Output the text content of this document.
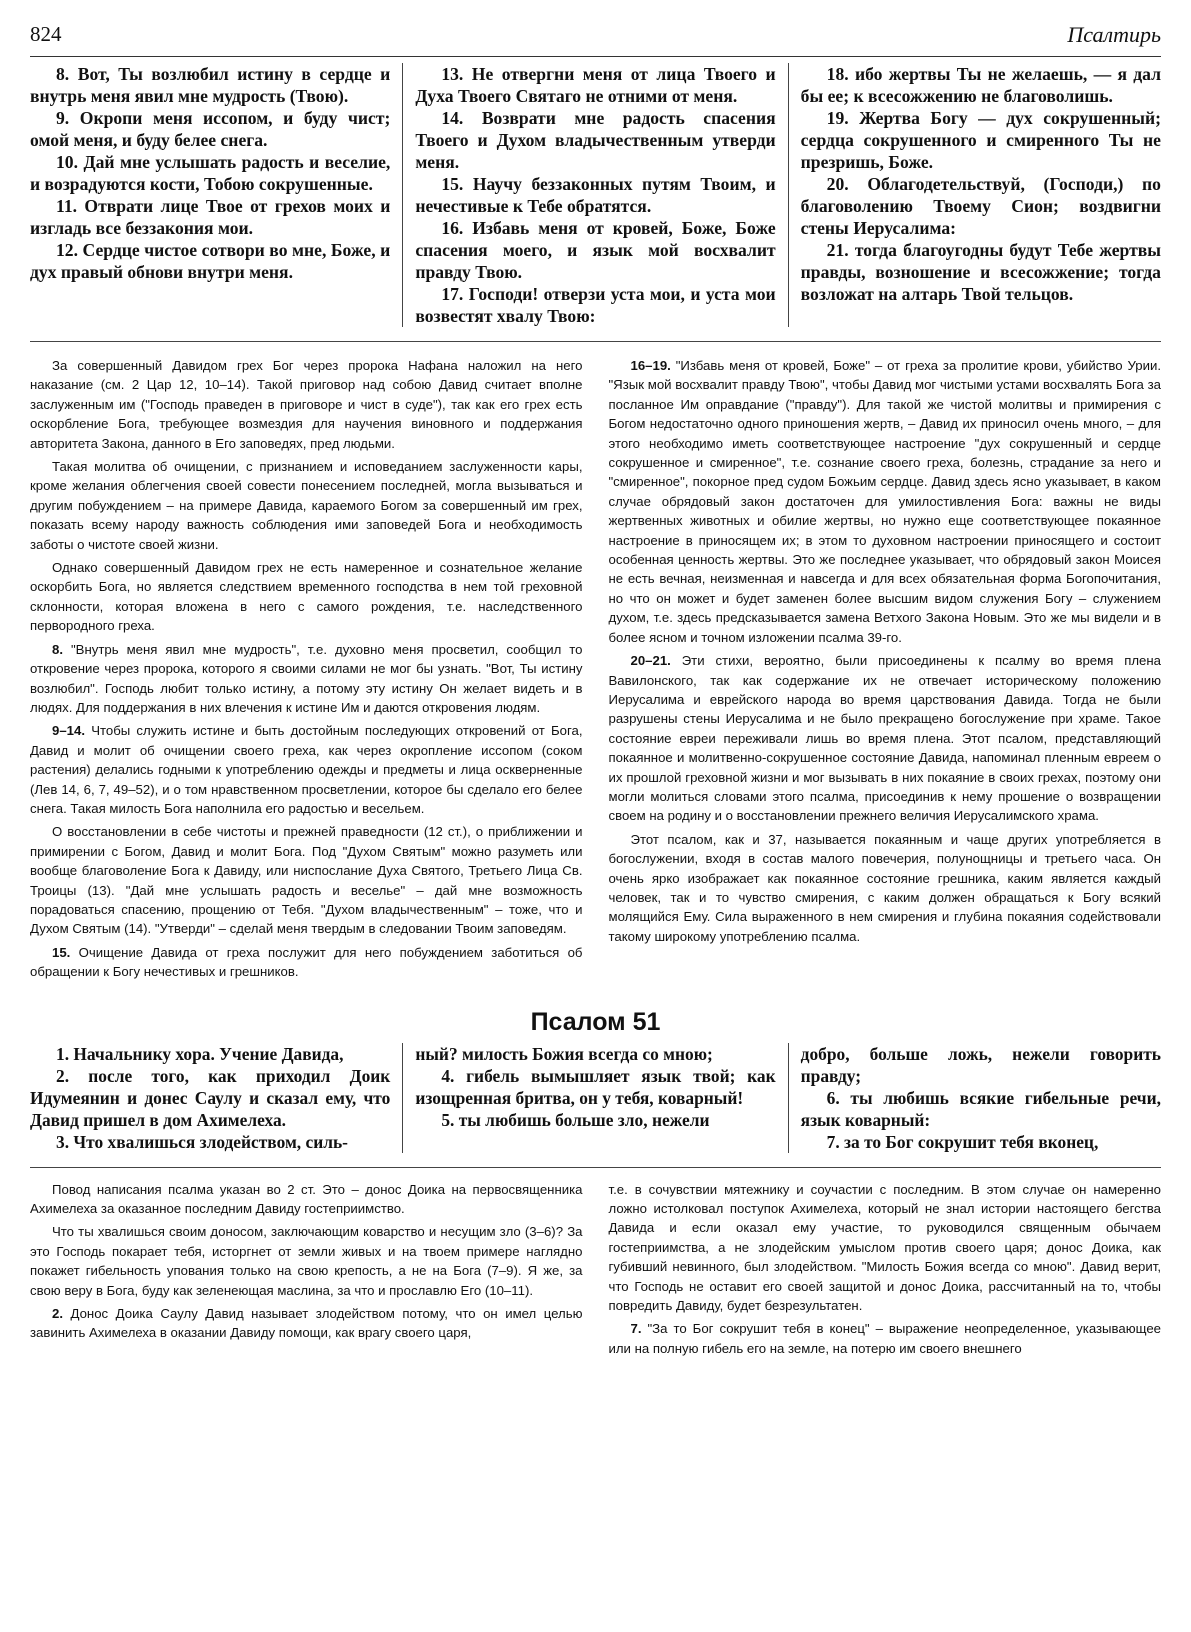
824	Псалтирь

8. Вот, Ты возлюбил истину в сердце и внутрь меня явил мне мудрость (Твою).

9. Окропи меня иссопом, и буду чист; омой меня, и буду белее снега.

10. Дай мне услышать радость и веселие, и возрадуются кости, Тобою сокрушенные.

11. Отврати лице Твое от грехов моих и изгладь все беззакония мои.

12. Сердце чистое сотвори во мне, Боже, и дух правый обнови внутри меня.

13. Не отвергни меня от лица Твоего и Духа Твоего Святаго не отними от меня.

14. Возврати мне радость спасения Твоего и Духом владычественным утверди меня.

15. Научу беззаконных путям Твоим, и нечестивые к Тебе обратятся.

16. Избавь меня от кровей, Боже, Боже спасения моего, и язык мой восхвалит правду Твою.

17. Господи! отверзи уста мои, и уста мои возвестят хвалу Твою:

18. ибо жертвы Ты не желаешь, — я дал бы ее; к всесожжению не благоволишь.

19. Жертва Богу — дух сокрушенный; сердца сокрушенного и смиренного Ты не презришь, Боже.

20. Облагодетельствуй, (Господи,) по благоволению Твоему Сион; воздвигни стены Иерусалима:

21. тогда благоугодны будут Тебе жертвы правды, возношение и всесожжение; тогда возложат на алтарь Твой тельцов.

За совершенный Давидом грех Бог через пророка Нафана наложил на него наказание (см. 2 Цар 12, 10–14). Такой приговор над собою Давид считает вполне заслуженным им ("Господь праведен в приговоре и чист в суде"), так как его грех есть оскорбление Бога, требующее возмездия для научения виновного и поддержания авторитета Закона, данного в Его заповедях, пред людьми.

Такая молитва об очищении, с признанием и исповеданием заслуженности кары, кроме желания облегчения своей совести понесением последней, могла вызываться и другим побуждением – на примере Давида, караемого Богом за совершенный им грех, показать всему народу важность соблюдения ими заповедей Бога и необходимость заботы о чистоте своей жизни.

Однако совершенный Давидом грех не есть намеренное и сознательное желание оскорбить Бога, но является следствием временного господства в нем той греховной склонности, которая вложена в него с самого рождения, т.е. наследственного первородного греха.

8. "Внутрь меня явил мне мудрость", т.е. духовно меня просветил, сообщил то откровение через пророка, которого я своими силами не мог бы узнать. "Вот, Ты истину возлюбил". Господь любит только истину, а потому эту истину Он желает видеть и в людях. Для поддержания в них влечения к истине Им и даются откровения людям.

9–14. Чтобы служить истине и быть достойным последующих откровений от Бога, Давид и молит об очищении своего греха, как через окропление иссопом (соком растения) делались годными к употреблению одежды и предметы и лица оскверненные (Лев 14, 6, 7, 49–52), и о том нравственном просветлении, которое бы сделало его белее снега. Такая милость Бога наполнила его радостью и весельем.

О восстановлении в себе чистоты и прежней праведности (12 ст.), о приближении и примирении с Богом, Давид и молит Бога. Под "Духом Святым" можно разуметь или вообще благоволение Бога к Давиду, или ниспослание Духа Святого, Третьего Лица Св. Троицы (13). "Дай мне услышать радость и веселье" – дай мне возможность порадоваться спасению, прощению от Тебя. "Духом владычественным" – тоже, что и Духом Святым (14). "Утверди" – сделай меня твердым в следовании Твоим заповедям.

15. Очищение Давида от греха послужит для него побуждением заботиться об обращении к Богу нечестивых и грешников.

16–19. "Избавь меня от кровей, Боже" – от греха за пролитие крови, убийство Урии. "Язык мой восхвалит правду Твою", чтобы Давид мог чистыми устами восхвалять Бога за посланное Им оправдание ("правду"). Для такой же чистой молитвы и примирения с Богом недостаточно одного приношения жертв, – Давид их приносил очень много, – для этого необходимо иметь соответствующее настроение "дух сокрушенный и сердце сокрушенное и смиренное", т.е. сознание своего греха, болезнь, страдание за него и "смиренное", покорное пред судом Божьим сердце. Давид здесь ясно указывает, в каком случае обрядовый закон достаточен для умилостивления Бога: важны не виды жертвенных животных и обилие жертвы, но нужно еще соответствующее покаянное настроение в приносящем их; в этом то духовном настроении приносящего и состоит особенная ценность жертвы. Это же последнее указывает, что обрядовый закон Моисея не есть вечная, неизменная и навсегда и для всех обязательная форма Богопочитания, но что он может и будет заменен более высшим видом служения Богу – служением духом, т.е. здесь предсказывается замена Ветхого Закона Новым. Это же мы видели и в более ясном и точном изложении псалма 39-го.

20–21. Эти стихи, вероятно, были присоединены к псалму во время плена Вавилонского, так как содержание их не отвечает историческому положению Иерусалима и еврейского народа во время царствования Давида. Тогда не были разрушены стены Иерусалима и не было прекращено богослужение при храме. Такое состояние евреи переживали лишь во время плена. Этот псалом, представляющий покаянное и молитвенно-сокрушенное состояние Давида, напоминал пленным евреем о их прошлой греховной жизни и мог вызывать в них покаяние в своих грехах, поэтому они могли молиться словами этого псалма, присоединив к нему прошение о возвращении своем на родину и о восстановлении прежнего величия Иерусалимского храма.

Этот псалом, как и 37, называется покаянным и чаще других употребляется в богослужении, входя в состав малого повечерия, полунощницы и третьего часа. Он очень ярко изображает как покаянное состояние грешника, каким является каждый человек, так и то чувство смирения, с каким должен обращаться к Богу всякий молящийся Ему. Сила выраженного в нем смирения и глубина покаяния содействовали такому широкому употреблению псалма.

Псалом 51

1. Начальнику хора. Учение Давида,

2. после того, как приходил Доик Идумеянин и донес Саулу и сказал ему, что Давид пришел в дом Ахимелеха.

3. Что хвалишься злодейством, силь-

ный? милость Божия всегда со мною;

4. гибель вымышляет язык твой; как изощренная бритва, он у тебя, коварный!

5. ты любишь больше зло, нежели

добро, больше ложь, нежели говорить правду;

6. ты любишь всякие гибельные речи, язык коварный:

7. за то Бог сокрушит тебя вконец,

Повод написания псалма указан во 2 ст. Это – донос Доика на первосвященника Ахимелеха за оказанное последним Давиду гостеприимство.

Что ты хвалишься своим доносом, заключающим коварство и несущим зло (3–6)? За это Господь покарает тебя, исторгнет от земли живых и на твоем примере наглядно покажет гибельность упования только на свою крепость, а не на Бога (7–9). Я же, за свою веру в Бога, буду как зеленеющая маслина, за что и прославлю Его (10–11).

2. Донос Доика Саулу Давид называет злодейством потому, что он имел целью завинить Ахимелеха в оказании Давиду помощи, как врагу своего царя,

т.е. в сочувствии мятежнику и соучастии с последним. В этом случае он намеренно ложно истолковал поступок Ахимелеха, который не знал истории настоящего бегства Давида и если оказал ему участие, то руководился священным обычаем гостеприимства, а не злодейским умыслом против своего царя; донос Доика, как губивший невинного, был злодейством. "Милость Божия всегда со мною". Давид верит, что Господь не оставит его своей защитой и донос Доика, рассчитанный на то, чтобы повредить Давиду, будет безрезультатен.

7. "За то Бог сокрушит тебя в конец" – выражение неопределенное, указывающее или на полную гибель его на земле, на потерю им своего внешнего
